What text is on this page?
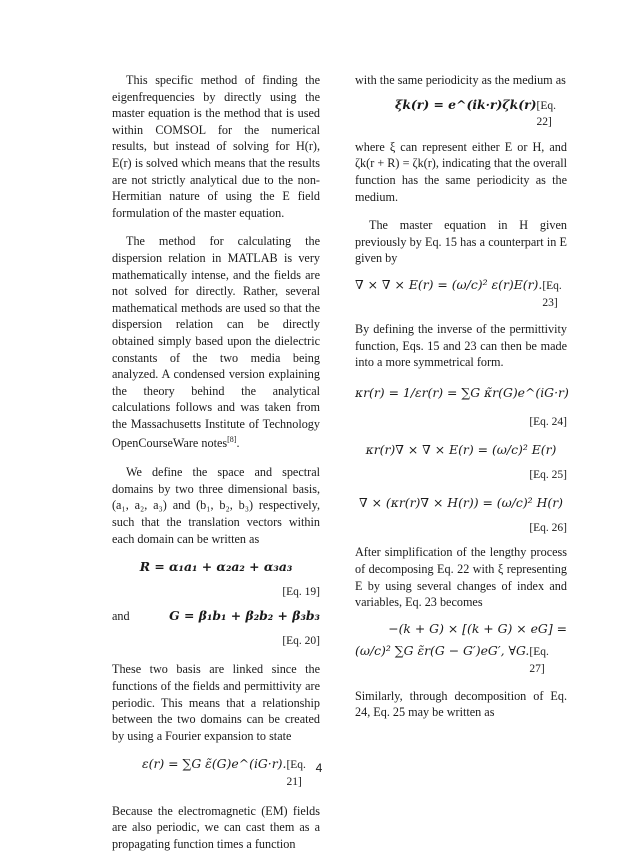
This specific method of finding the eigenfrequencies by directly using the master equation is the method that is used within COMSOL for the numerical results, but instead of solving for H(r), E(r) is solved which means that the results are not strictly analytical due to the non-Hermitian nature of using the E field formulation of the master equation.

The method for calculating the dispersion relation in MATLAB is very mathematically intense, and the fields are not solved for directly. Rather, several mathematical methods are used so that the dispersion relation can be directly obtained simply based upon the dielectric constants of the two media being analyzed. A condensed version explaining the theory behind the analytical calculations follows and was taken from the Massachusetts Institute of Technology OpenCourseWare notes[8].

We define the space and spectral domains by two three dimensional basis, (a₁, a₂, a₃) and (b₁, b₂, b₃) respectively, such that the translation vectors within each domain can be written as

R = α₁a₁ + α₂a₂ + α₃a₃
[Eq. 19]
and	G = β₁b₁ + β₂b₂ + β₃b₃
[Eq. 20]

These two basis are linked since the functions of the fields and permittivity are periodic. This means that a relationship between the two domains can be created by using a Fourier expansion to state

ε(r) = ∑G ε̃(G)e^(iG·r). [Eq. 21]

Because the electromagnetic (EM) fields are also periodic, we can cast them as a propagating function times a function

with the same periodicity as the medium as

ξk(r) = e^(ik·r)ζk(r) [Eq. 22]

where ξ can represent either E or H, and ζk(r + R) = ζk(r), indicating that the overall function has the same periodicity as the medium.

The master equation in H given previously by Eq. 15 has a counterpart in E given by

∇ × ∇ × E(r) = (ω/c)² ε(r)E(r). [Eq. 23]

By defining the inverse of the permittivity function, Eqs. 15 and 23 can then be made into a more symmetrical form.

κr(r) = 1/εr(r) = ∑G κ̃r(G)e^(iG·r)
[Eq. 24]
κr(r)∇ × ∇ × E(r) = (ω/c)² E(r)
[Eq. 25]
∇ × (κr(r)∇ × H(r)) = (ω/c)² H(r)
[Eq. 26]

After simplification of the lengthy process of decomposing Eq. 22 with ξ representing E by using several changes of index and variables, Eq. 23 becomes

−(k + G) × [(k + G) × eG] =
(ω/c)² ∑G ε̃r(G − G′)eG′, ∀G. [Eq. 27]

Similarly, through decomposition of Eq. 24, Eq. 25 may be written as

4
